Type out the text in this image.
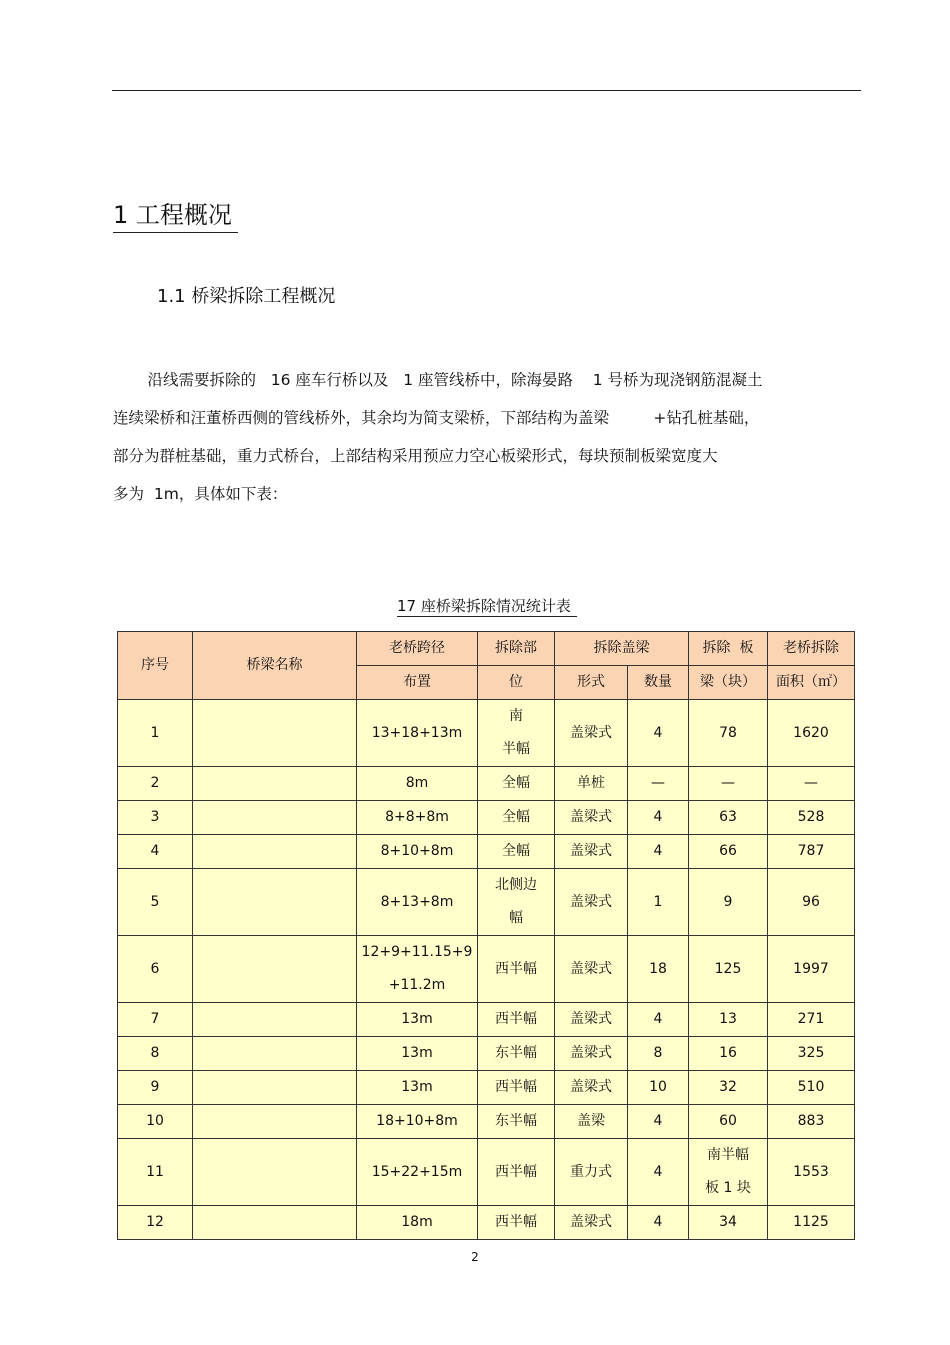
1 工程概况
1.1 桥梁拆除工程概况
沿线需要拆除的   16 座车行桥以及   1 座管线桥中，除海晏路    1 号桥为现浇钢筋混凝土
连续梁桥和汪董桥西侧的管线桥外，其余均为简支梁桥，下部结构为盖梁         +钻孔桩基础，
部分为群桩基础，重力式桥台，上部结构采用预应力空心板梁形式，每块预制板梁宽度大
多为  1m，具体如下表：
17 座桥梁拆除情况统计表
序号	桥梁名称	老桥跨径	拆除部	拆除盖梁		拆除  板	老桥拆除
		布置	位	形式	数量	梁（块）	面积（㎡）

1		13+18+13m	南
半幅	盖梁式	4	78	1620

2		8m	全幅	单桩	—	—	—

3		8+8+8m	全幅	盖梁式	4	63	528

4		8+10+8m	全幅	盖梁式	4	66	787

5		8+13+8m	北侧边
幅	盖梁式	1	9	96

6		12+9+11.15+9
+11.2m	西半幅	盖梁式	18	125	1997

7		13m	西半幅	盖梁式	4	13	271

8		13m	东半幅	盖梁式	8	16	325

9		13m	西半幅	盖梁式	10	32	510

10		18+10+8m	东半幅	盖梁	4	60	883

11		15+22+15m	西半幅	重力式	4	南半幅
板 1 块	1553

12		18m	西半幅	盖梁式	4	34	1125
2
